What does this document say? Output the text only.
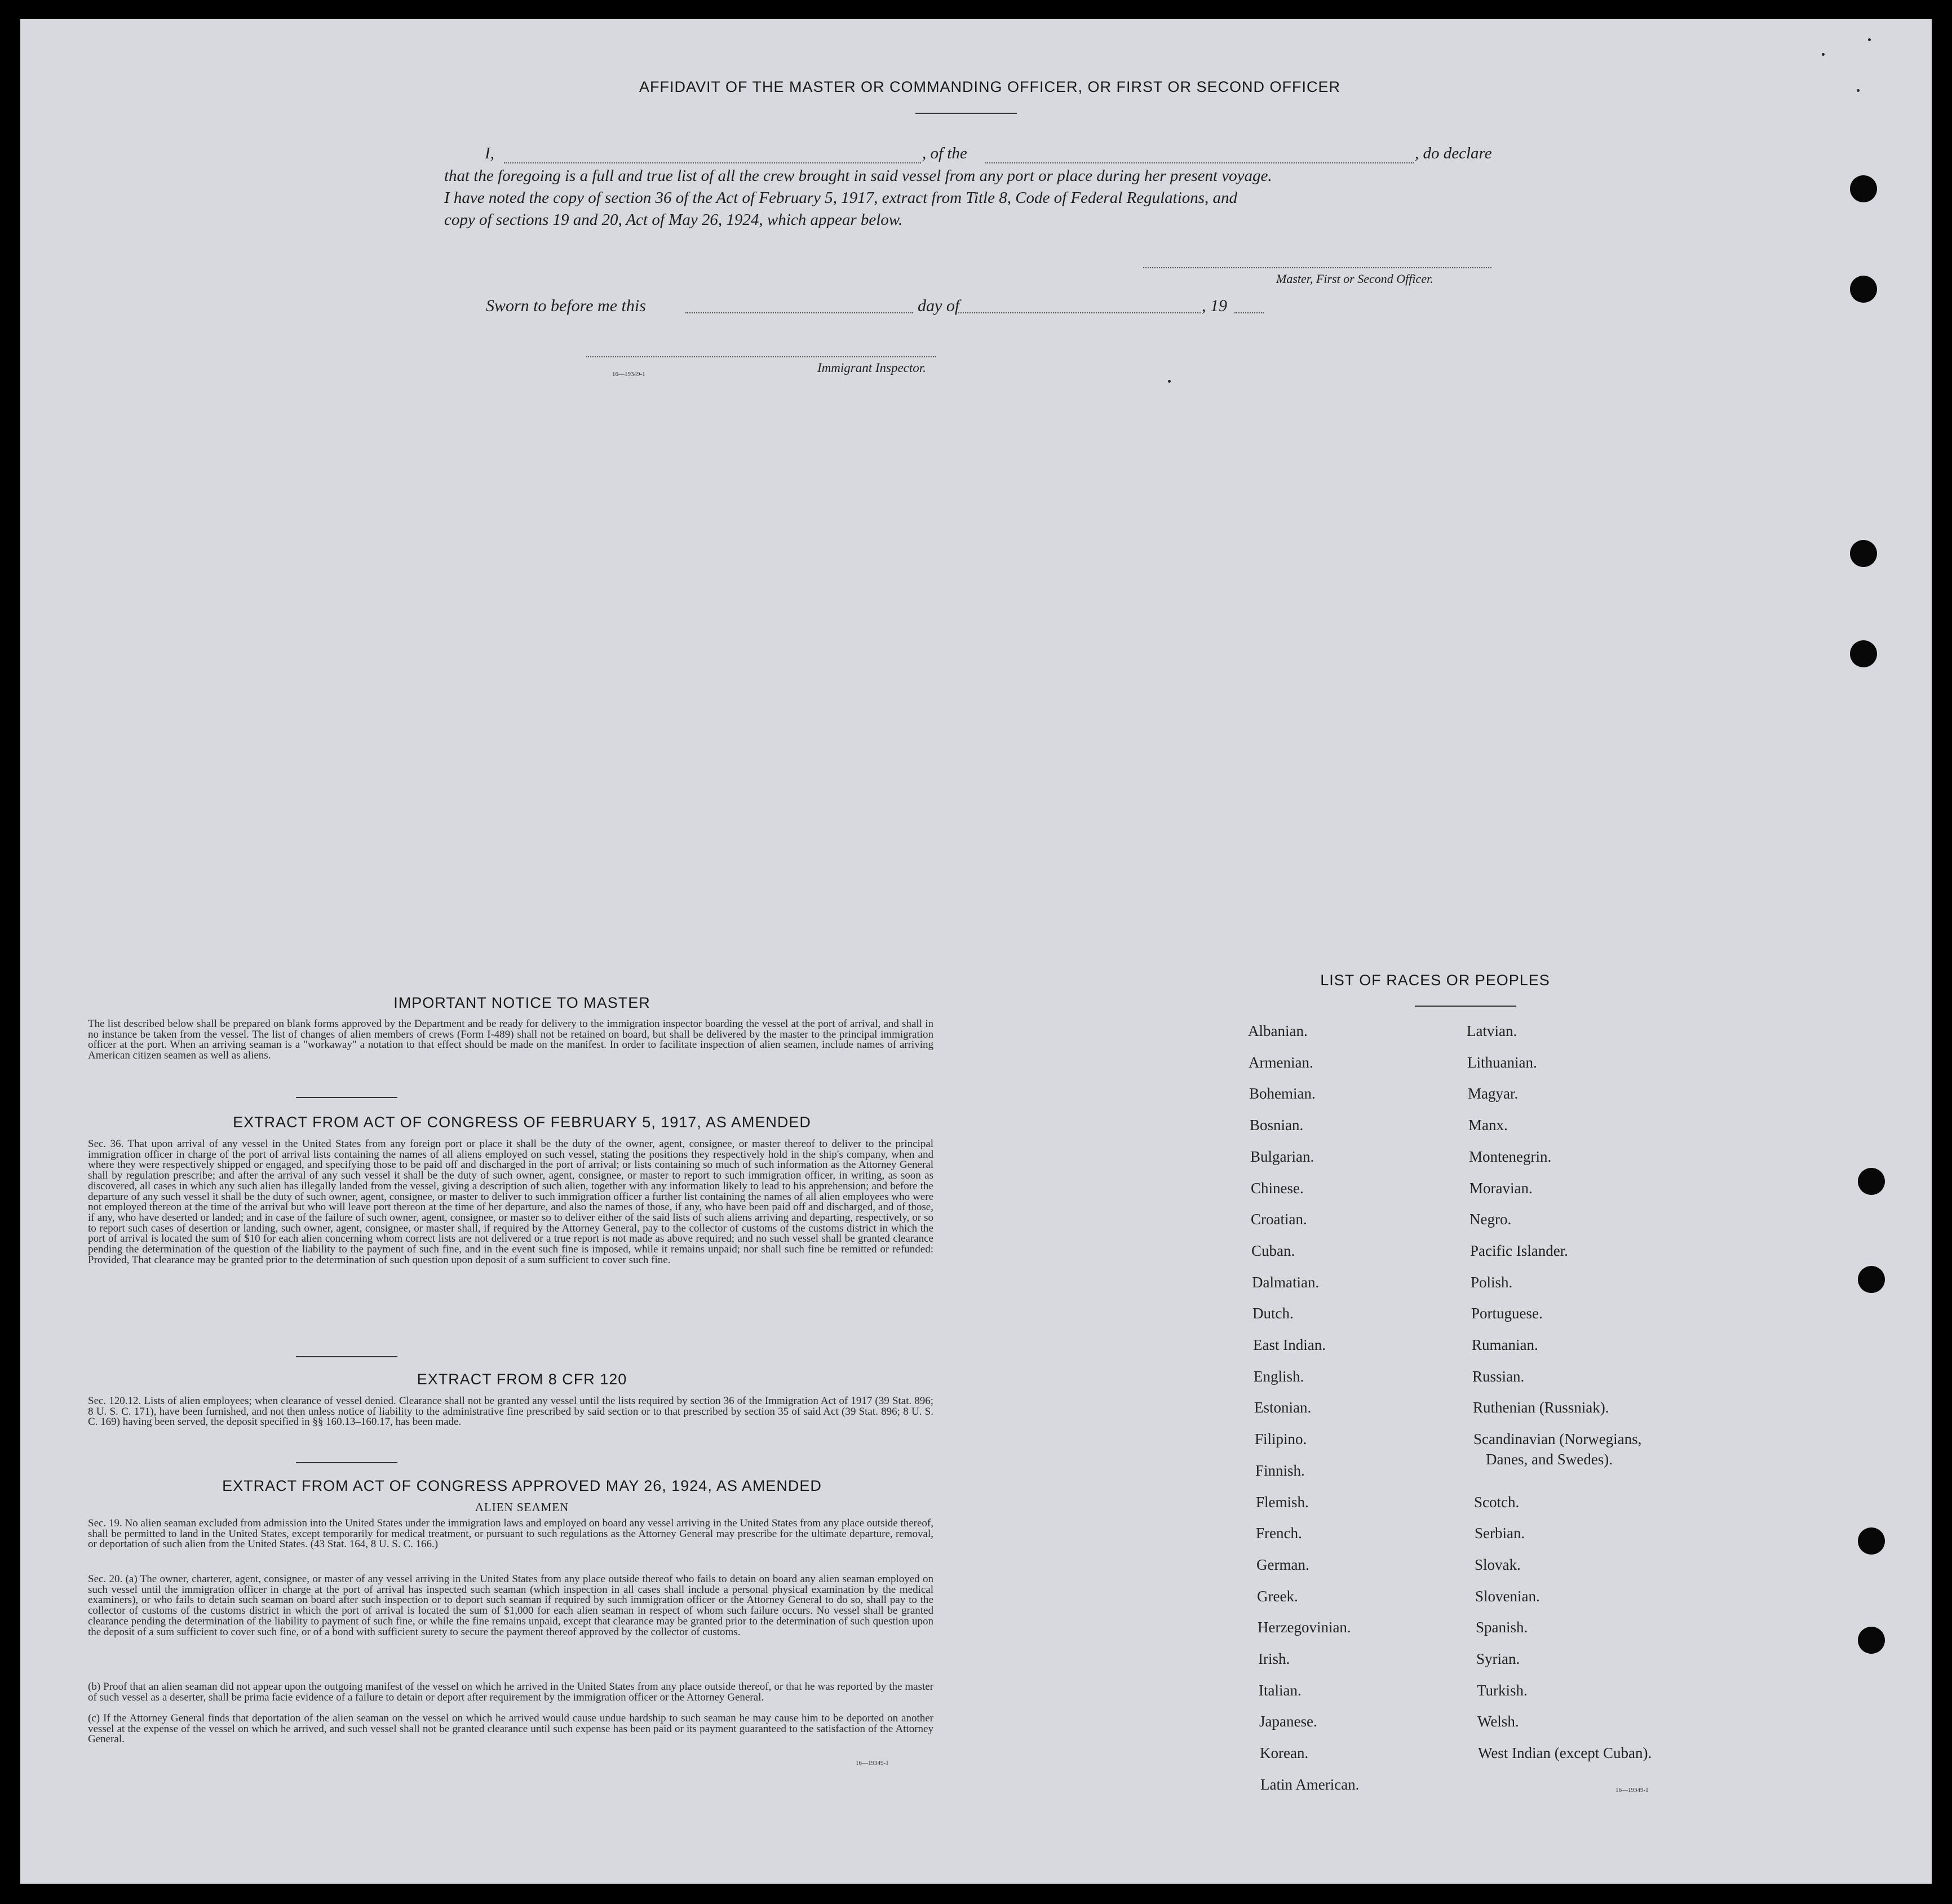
AFFIDAVIT OF THE MASTER OR COMMANDING OFFICER, OR FIRST OR SECOND OFFICER
I,	, of the	, do declare
that the foregoing is a full and true list of all the crew brought in said vessel from any port or place during her present voyage.
I have noted the copy of section 36 of the Act of February 5, 1917, extract from Title 8, Code of Federal Regulations, and
copy of sections 19 and 20, Act of May 26, 1924, which appear below.
Master, First or Second Officer.
Sworn to before me this	day of	, 19
16—19349-1	Immigrant Inspector.
IMPORTANT NOTICE TO MASTER
The list described below shall be prepared on blank forms approved by the Department and be ready for delivery to the immigration inspector boarding the vessel at the port of arrival, and shall in no instance be taken from the vessel. The list of changes of alien members of crews (Form I-489) shall not be retained on board, but shall be delivered by the master to the principal immigration officer at the port. When an arriving seaman is a "workaway" a notation to that effect should be made on the manifest. In order to facilitate inspection of alien seamen, include names of arriving American citizen seamen as well as aliens.
EXTRACT FROM ACT OF CONGRESS OF FEBRUARY 5, 1917, AS AMENDED
Sec. 36. That upon arrival of any vessel in the United States from any foreign port or place it shall be the duty of the owner, agent, consignee, or master thereof to deliver to the principal immigration officer in charge of the port of arrival lists containing the names of all aliens employed on such vessel, stating the positions they respectively hold in the ship's company, when and where they were respectively shipped or engaged, and specifying those to be paid off and discharged in the port of arrival; or lists containing so much of such information as the Attorney General shall by regulation prescribe; and after the arrival of any such vessel it shall be the duty of such owner, agent, consignee, or master to report to such immigration officer, in writing, as soon as discovered, all cases in which any such alien has illegally landed from the vessel, giving a description of such alien, together with any information likely to lead to his apprehension; and before the departure of any such vessel it shall be the duty of such owner, agent, consignee, or master to deliver to such immigration officer a further list containing the names of all alien employees who were not employed thereon at the time of the arrival but who will leave port thereon at the time of her departure, and also the names of those, if any, who have been paid off and discharged, and of those, if any, who have deserted or landed; and in case of the failure of such owner, agent, consignee, or master so to deliver either of the said lists of such aliens arriving and departing, respectively, or so to report such cases of desertion or landing, such owner, agent, consignee, or master shall, if required by the Attorney General, pay to the collector of customs of the customs district in which the port of arrival is located the sum of $10 for each alien concerning whom correct lists are not delivered or a true report is not made as above required; and no such vessel shall be granted clearance pending the determination of the question of the liability to the payment of such fine, and in the event such fine is imposed, while it remains unpaid; nor shall such fine be remitted or refunded: Provided, That clearance may be granted prior to the determination of such question upon deposit of a sum sufficient to cover such fine.
EXTRACT FROM 8 CFR 120
Sec. 120.12. Lists of alien employees; when clearance of vessel denied. Clearance shall not be granted any vessel until the lists required by section 36 of the Immigration Act of 1917 (39 Stat. 896; 8 U. S. C. 171), have been furnished, and not then unless notice of liability to the administrative fine prescribed by said section or to that prescribed by section 35 of said Act (39 Stat. 896; 8 U. S. C. 169) having been served, the deposit specified in §§ 160.13–160.17, has been made.
EXTRACT FROM ACT OF CONGRESS APPROVED MAY 26, 1924, AS AMENDED
ALIEN SEAMEN
Sec. 19. No alien seaman excluded from admission into the United States under the immigration laws and employed on board any vessel arriving in the United States from any place outside thereof, shall be permitted to land in the United States, except temporarily for medical treatment, or pursuant to such regulations as the Attorney General may prescribe for the ultimate departure, removal, or deportation of such alien from the United States. (43 Stat. 164, 8 U. S. C. 166.)
Sec. 20. (a) The owner, charterer, agent, consignee, or master of any vessel arriving in the United States from any place outside thereof who fails to detain on board any alien seaman employed on such vessel until the immigration officer in charge at the port of arrival has inspected such seaman (which inspection in all cases shall include a personal physical examination by the medical examiners), or who fails to detain such seaman on board after such inspection or to deport such seaman if required by such immigration officer or the Attorney General to do so, shall pay to the collector of customs of the customs district in which the port of arrival is located the sum of $1,000 for each alien seaman in respect of whom such failure occurs. No vessel shall be granted clearance pending the determination of the liability to payment of such fine, or while the fine remains unpaid, except that clearance may be granted prior to the determination of such question upon the deposit of a sum sufficient to cover such fine, or of a bond with sufficient surety to secure the payment thereof approved by the collector of customs.
(b) Proof that an alien seaman did not appear upon the outgoing manifest of the vessel on which he arrived in the United States from any place outside thereof, or that he was reported by the master of such vessel as a deserter, shall be prima facie evidence of a failure to detain or deport after requirement by the immigration officer or the Attorney General.
(c) If the Attorney General finds that deportation of the alien seaman on the vessel on which he arrived would cause undue hardship to such seaman he may cause him to be deported on another vessel at the expense of the vessel on which he arrived, and such vessel shall not be granted clearance until such expense has been paid or its payment guaranteed to the satisfaction of the Attorney General.
16—19349-1
LIST OF RACES OR PEOPLES
Danes, and Swedes).
16—19349-1
Albanian.
Armenian.
Bohemian.
Bosnian.
Bulgarian.
Chinese.
Croatian.
Cuban.
Dalmatian.
Dutch.
East Indian.
English.
Estonian.
Filipino.
Finnish.
Flemish.
French.
German.
Greek.
Herzegovinian.
Irish.
Italian.
Japanese.
Korean.
Latin American.
Latvian.
Lithuanian.
Magyar.
Manx.
Montenegrin.
Moravian.
Negro.
Pacific Islander.
Polish.
Portuguese.
Rumanian.
Russian.
Ruthenian (Russniak).
Scandinavian (Norwegians,
Scotch.
Serbian.
Slovak.
Slovenian.
Spanish.
Syrian.
Turkish.
Welsh.
West Indian (except Cuban).
